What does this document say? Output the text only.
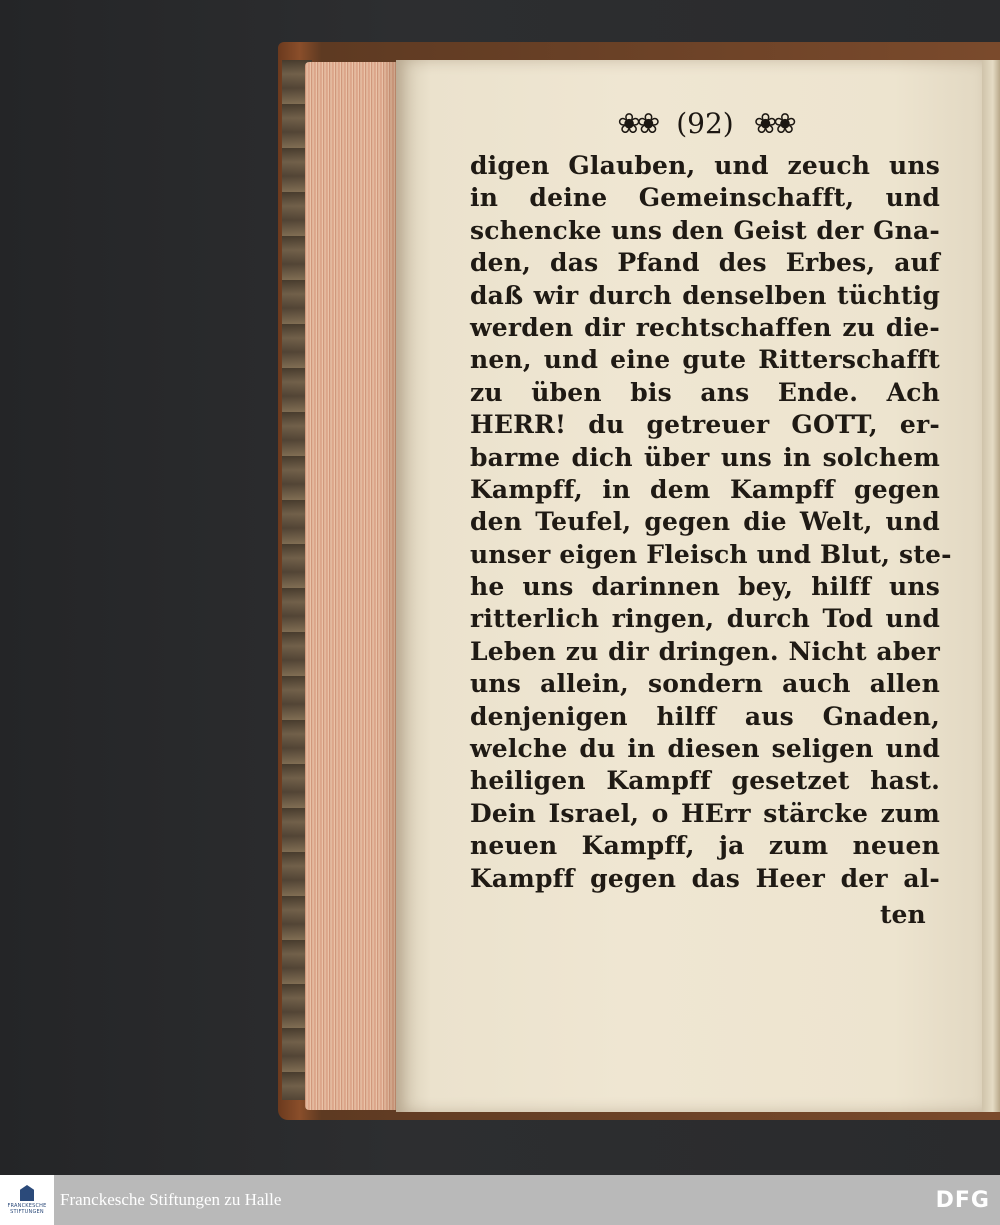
❀❀ (92) ❀❀
digen Glauben, und zeuch uns
in deine Gemeinschafft, und
schencke uns den Geist der Gna-
den, das Pfand des Erbes, auf
daß wir durch denselben tüchtig
werden dir rechtschaffen zu die-
nen, und eine gute Ritterschafft
zu üben bis ans Ende. Ach
HERR! du getreuer GOTT, er-
barme dich über uns in solchem
Kampff, in dem Kampff gegen
den Teufel, gegen die Welt, und
unser eigen Fleisch und Blut, ste-
he uns darinnen bey, hilff uns
ritterlich ringen, durch Tod und
Leben zu dir dringen. Nicht aber
uns allein, sondern auch allen
denjenigen hilff aus Gnaden,
welche du in diesen seligen und
heiligen Kampff gesetzet hast.
Dein Israel, o HErr stärcke zum
neuen Kampff, ja zum neuen
Kampff gegen das Heer der al-
ten
FRANCKESCHE
STIFTUNGEN
Franckesche Stiftungen zu Halle	DFG
